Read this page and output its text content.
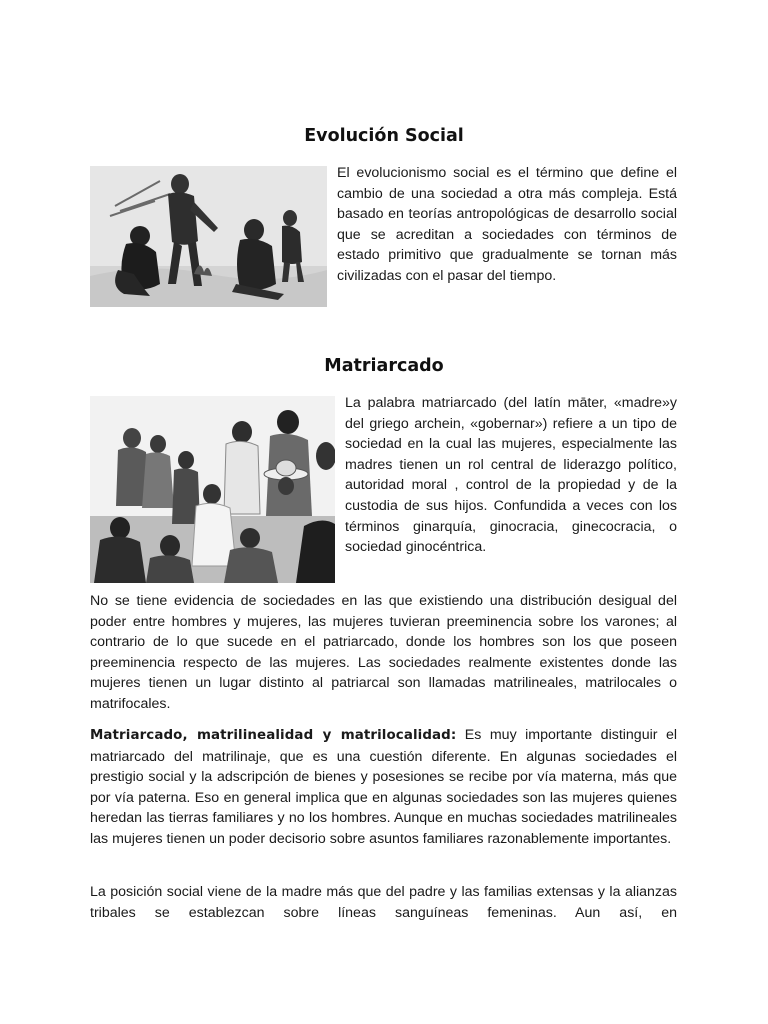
Evolución Social

El evolucionismo social es el término que define el cambio de una sociedad a otra más compleja. Está basado en teorías antropológicas de desarrollo social que se acreditan a sociedades con términos de estado primitivo que gradualmente se tornan más civilizadas con el pasar del tiempo.

Matriarcado

La palabra matriarcado (del latín māter, «madre»y del griego archein, «gobernar») refiere a un tipo de sociedad en la cual las mujeres, especialmente las madres tienen un rol central de liderazgo político, autoridad moral , control de la propiedad y de la custodia de sus hijos. Confundida a veces con los términos ginarquía, ginocracia, ginecocracia, o sociedad ginocéntrica.

No se tiene evidencia de sociedades en las que existiendo una distribución desigual del poder entre hombres y mujeres, las mujeres tuvieran preeminencia sobre los varones; al contrario de lo que sucede en el patriarcado, donde los hombres son los que poseen preeminencia respecto de las mujeres. Las sociedades realmente existentes donde las mujeres tienen un lugar distinto al patriarcal son llamadas matrilineales, matrilocales o matrifocales.

Matriarcado, matrilinealidad y matrilocalidad: Es muy importante distinguir el matriarcado del matrilinaje, que es una cuestión diferente. En algunas sociedades el prestigio social y la adscripción de bienes y posesiones se recibe por vía materna, más que por vía paterna. Eso en general implica que en algunas sociedades son las mujeres quienes heredan las tierras familiares y no los hombres. Aunque en muchas sociedades matrilineales las mujeres tienen un poder decisorio sobre asuntos familiares razonablemente importantes.

La posición social viene de la madre más que del padre y las familias extensas y la alianzas tribales se establezcan sobre líneas sanguíneas femeninas. Aun así, en
